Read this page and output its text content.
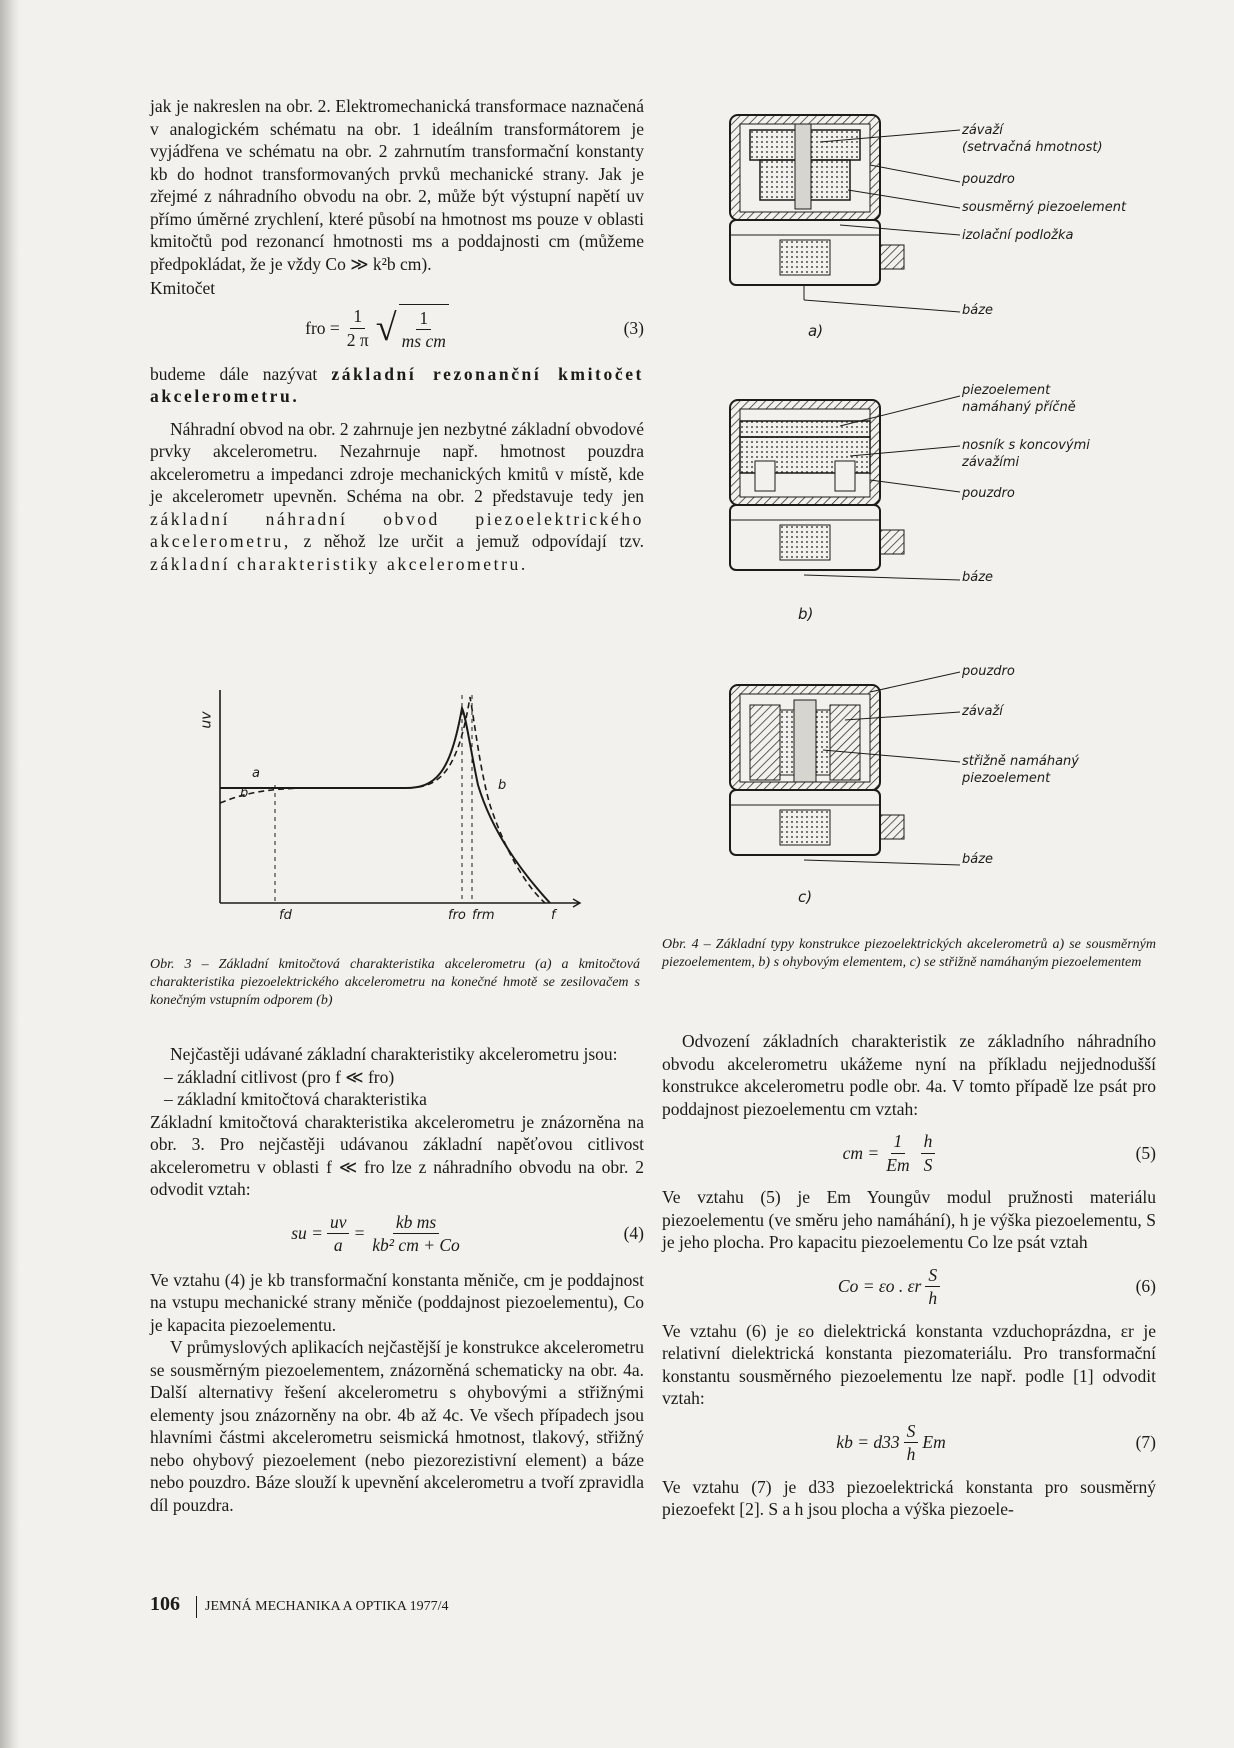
jak je nakreslen na obr. 2. Elektromechanická transformace naznačená v analogickém schématu na obr. 1 ideálním transformátorem je vyjádřena ve schématu na obr. 2 zahrnutím transformační konstanty kb do hodnot transformovaných prvků mechanické strany. Jak je zřejmé z náhradního obvodu na obr. 2, může být výstupní napětí uv přímo úměrné zrychlení, které působí na hmotnost ms pouze v oblasti kmitočtů pod rezonancí hmotnosti ms a poddajnosti cm (můžeme předpokládat, že je vždy Co ≫ k²b cm).

Kmitočet

fro = $\frac{1}{2 \pi}$ √ $\frac{1}{\text{ms cm}}$	(3)

budeme dále nazývat základní rezonanční kmitočet akcelerometru.

Náhradní obvod na obr. 2 zahrnuje jen nezbytné základní obvodové prvky akcelerometru. Nezahrnuje např. hmotnost pouzdra akcelerometru a impedanci zdroje mechanických kmitů v místě, kde je akcelerometr upevněn. Schéma na obr. 2 představuje tedy jen základní náhradní obvod piezoelektrického akcelerometru, z něhož lze určit a jemuž odpovídají tzv. základní charakteristiky akcelerometru.

uv
a
b
b
fd	fro frm	f
Obr. 3 – Základní kmitočtová charakteristika akcelerometru (a) a kmitočtová charakteristika piezoelektrického akcelerometru na konečné hmotě se zesilovačem s konečným vstupním odporem (b)

Nejčastěji udávané základní charakteristiky akcelerometru jsou:

– základní citlivost (pro f ≪ fro)
– základní kmitočtová charakteristika

Základní kmitočtová charakteristika akcelerometru je znázorněna na obr. 3. Pro nejčastěji udávanou základní napěťovou citlivost akcelerometru v oblasti f ≪ fro lze z náhradního obvodu na obr. 2 odvodit vztah:

su = $\frac{uv}{a} = \frac{\text{kb ms}}{\text{kb² cm + Co}}$	(4)

Ve vztahu (4) je kb transformační konstanta měniče, cm je poddajnost na vstupu mechanické strany měniče (poddajnost piezoelementu), Co je kapacita piezoelementu.

V průmyslových aplikacích nejčastější je konstrukce akcelerometru se sousměrným piezoelementem, znázorněná schematicky na obr. 4a. Další alternativy řešení akcelerometru s ohybovými a střižnými elementy jsou znázorněny na obr. 4b až 4c. Ve všech případech jsou hlavními částmi akcelerometru seismická hmotnost, tlakový, střižný nebo ohybový piezoelement (nebo piezorezistivní element) a báze nebo pouzdro. Báze slouží k upevnění akcelerometru a tvoří zpravidla díl pouzdra.

závaží
(setrvačná hmotnost)
pouzdro
sousměrný piezoelement
izolační podložka
báze
a)
piezoelement
namáhaný příčně
nosník s koncovými
závažími
pouzdro
báze
b)
pouzdro
závaží
střižně namáhaný
piezoelement
báze
c)
Obr. 4 – Základní typy konstrukce piezoelektrických akcelerometrů a) se sousměrným piezoelementem, b) s ohybovým elementem, c) se střižně namáhaným piezoelementem

Odvození základních charakteristik ze základního náhradního obvodu akcelerometru ukážeme nyní na příkladu nejjednodušší konstrukce akcelerometru podle obr. 4a. V tomto případě lze psát pro poddajnost piezoelementu cm vztah:

cm = $\frac{1}{Em} \frac{h}{S}$	(5)

Ve vztahu (5) je Em Youngův modul pružnosti materiálu piezoelementu (ve směru jeho namáhání), h je výška piezoelementu, S je jeho plocha. Pro kapacitu piezoelementu Co lze psát vztah

Co = εo . εr $\frac{S}{h}$	(6)

Ve vztahu (6) je εo dielektrická konstanta vzduchoprázdna, εr je relativní dielektrická konstanta piezomateriálu. Pro transformační konstantu sousměrného piezoelementu lze např. podle [1] odvodit vztah:

kb = $d33 \frac{S}{h}$ Em	(7)

Ve vztahu (7) je d33 piezoelektrická konstanta pro sousměrný piezoefekt [2]. S a h jsou plocha a výška piezoele-

106 JEMNÁ MECHANIKA A OPTIKA 1977/4
